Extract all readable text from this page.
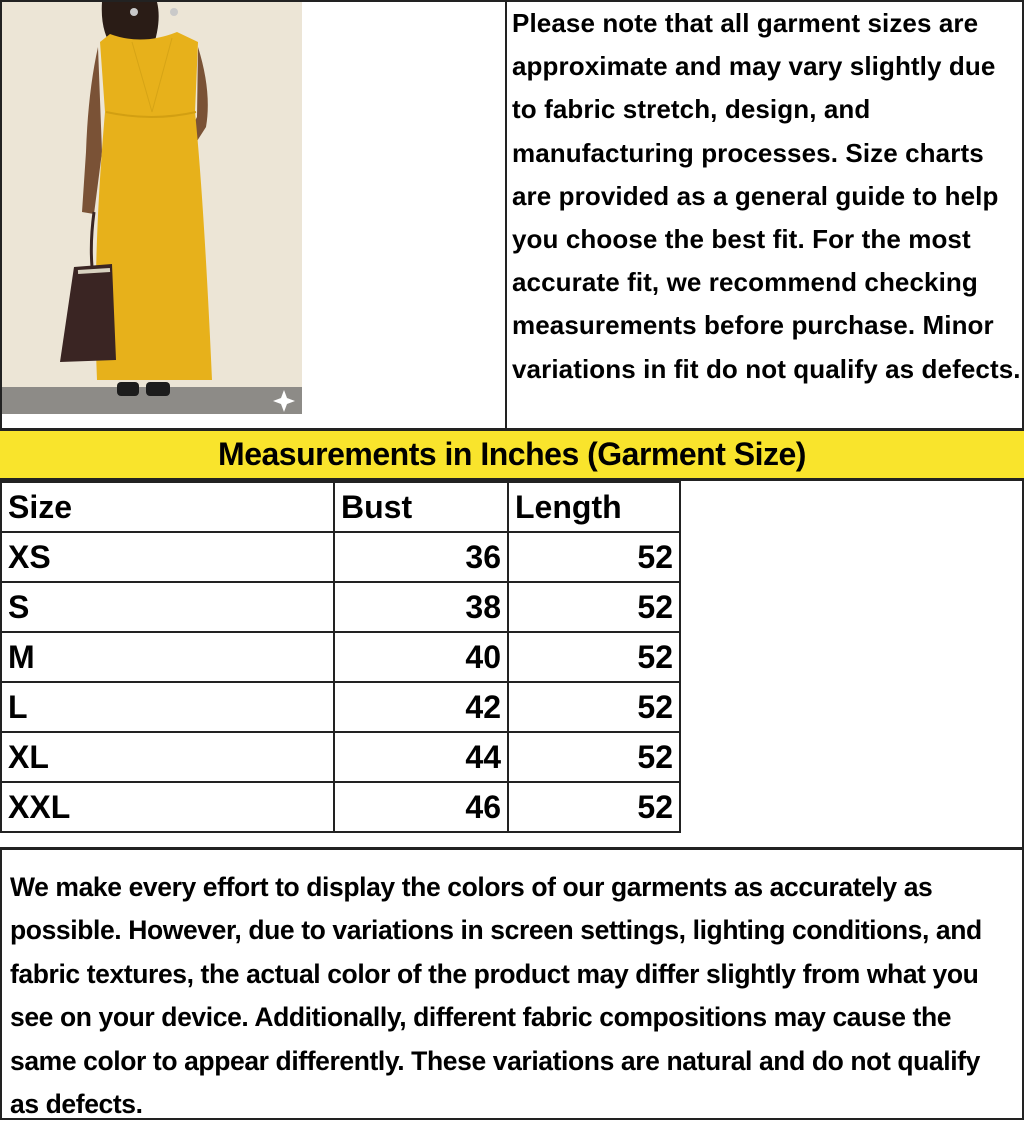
Please note that all garment sizes are approximate and may vary slightly due to fabric stretch, design, and manufacturing processes. Size charts are provided as a general guide to help you choose the best fit. For the most accurate fit, we recommend checking measurements before purchase. Minor variations in fit do not qualify as defects.
Measurements in Inches (Garment Size)
Size	Bust	Length
XS	36	52
S	38	52
M	40	52
L	42	52
XL	44	52
XXL	46	52

We make every effort to display the colors of our garments as accurately as possible. However, due to variations in screen settings, lighting conditions, and fabric textures, the actual color of the product may differ slightly from what you see on your device. Additionally, different fabric compositions may cause the same color to appear differently. These variations are natural and do not qualify as defects.
